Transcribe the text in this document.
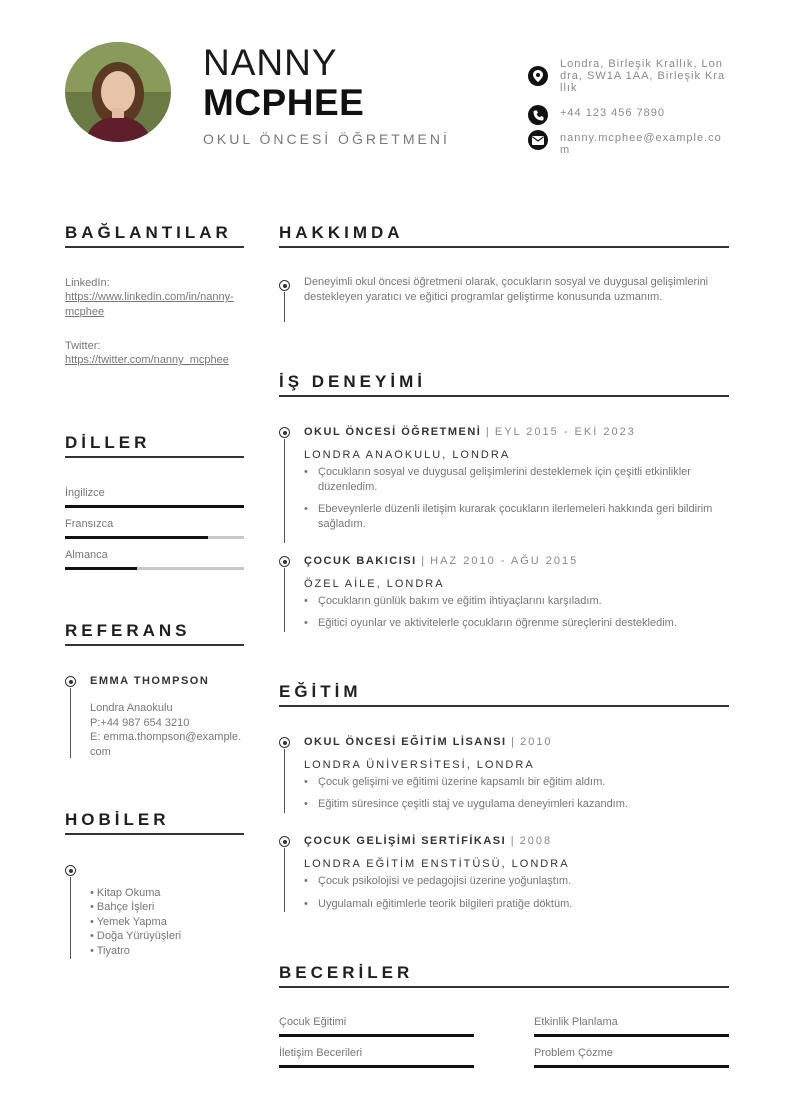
NANNY
MCPHEE
OKUL ÖNCESİ ÖĞRETMENİ
Londra, Birleşik Krallık, Londra, SW1A 1AA, Birleşik Krallık
+44 123 456 7890
nanny.mcphee@example.com
BAĞLANTILAR
LinkedIn:
https://www.linkedin.com/in/nanny-mcphee
Twitter:
https://twitter.com/nanny_mcphee
DİLLER
İngilizce
Fransızca
Almanca
REFERANS
EMMA THOMPSON
Londra Anaokulu
P:+44 987 654 3210
E: emma.thompson@example.com
HOBİLER
• Kitap Okuma
• Bahçe İşleri
• Yemek Yapma
• Doğa Yürüyüşleri
• Tiyatro
HAKKIMDA
Deneyimli okul öncesi öğretmeni olarak, çocukların sosyal ve duygusal gelişimlerini destekleyen yaratıcı ve eğitici programlar geliştirme konusunda uzmanım.
İŞ DENEYİMİ
OKUL ÖNCESİ ÖĞRETMENİ | EYL 2015 - EKİ 2023
LONDRA ANAOKULU, LONDRA
• Çocukların sosyal ve duygusal gelişimlerini desteklemek için çeşitli etkinlikler düzenledim.
• Ebeveynlerle düzenli iletişim kurarak çocukların ilerlemeleri hakkında geri bildirim sağladım.
ÇOCUK BAKICISI | HAZ 2010 - AĞU 2015
ÖZEL AİLE, LONDRA
• Çocukların günlük bakım ve eğitim ihtiyaçlarını karşıladım.
• Eğitici oyunlar ve aktivitelerle çocukların öğrenme süreçlerini destekledim.
EĞİTİM
OKUL ÖNCESİ EĞİTİM LİSANSI | 2010
LONDRA ÜNİVERSİTESİ, LONDRA
• Çocuk gelişimi ve eğitimi üzerine kapsamlı bir eğitim aldım.
• Eğitim süresince çeşitli staj ve uygulama deneyimleri kazandım.
ÇOCUK GELİŞİMİ SERTİFİKASI | 2008
LONDRA EĞİTİM ENSTİTÜSÜ, LONDRA
• Çocuk psikolojisi ve pedagojisi üzerine yoğunlaştım.
• Uygulamalı eğitimlerle teorik bilgileri pratiğe döktüm.
BECERİLER
Çocuk Eğitimi	Etkinlik Planlama
İletişim Becerileri	Problem Çözme
